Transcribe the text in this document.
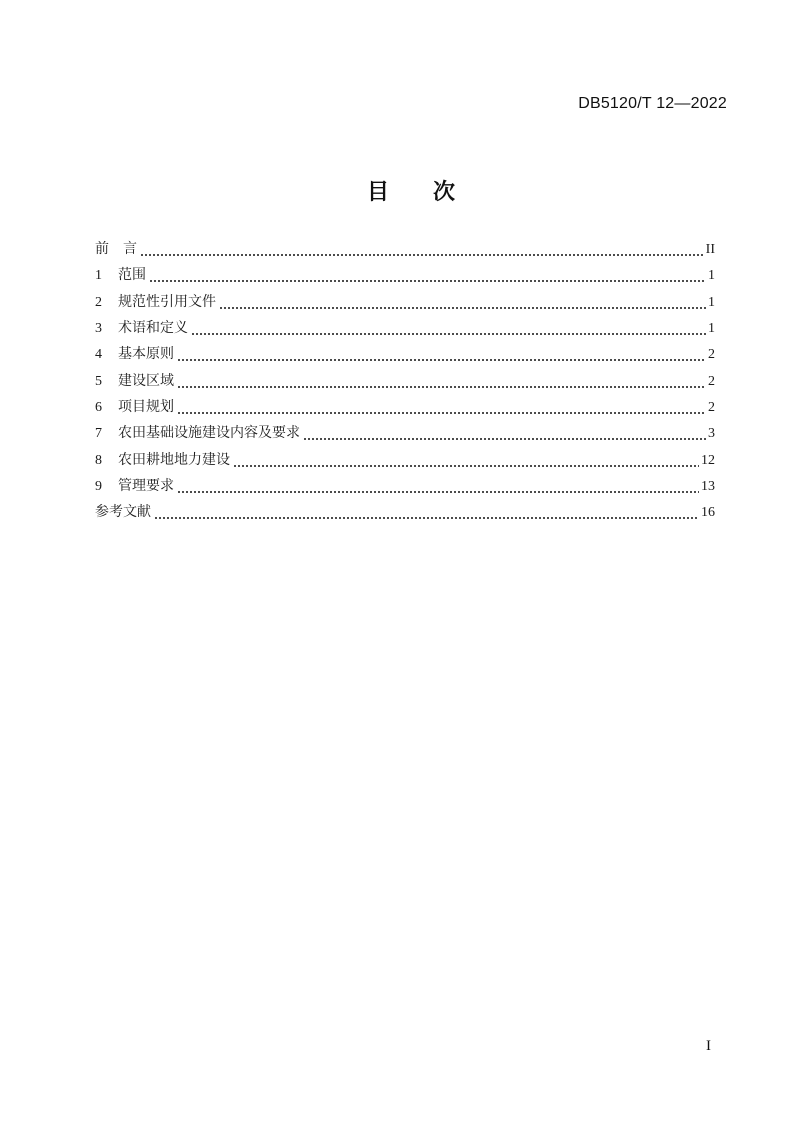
DB5120/T 12—2022
目　　次
前　言	II
1	范围	1
2	规范性引用文件	1
3	术语和定义	1
4	基本原则	2
5	建设区域	2
6	项目规划	2
7	农田基础设施建设内容及要求	3
8	农田耕地地力建设	12
9	管理要求	13
参考文献	16
I
